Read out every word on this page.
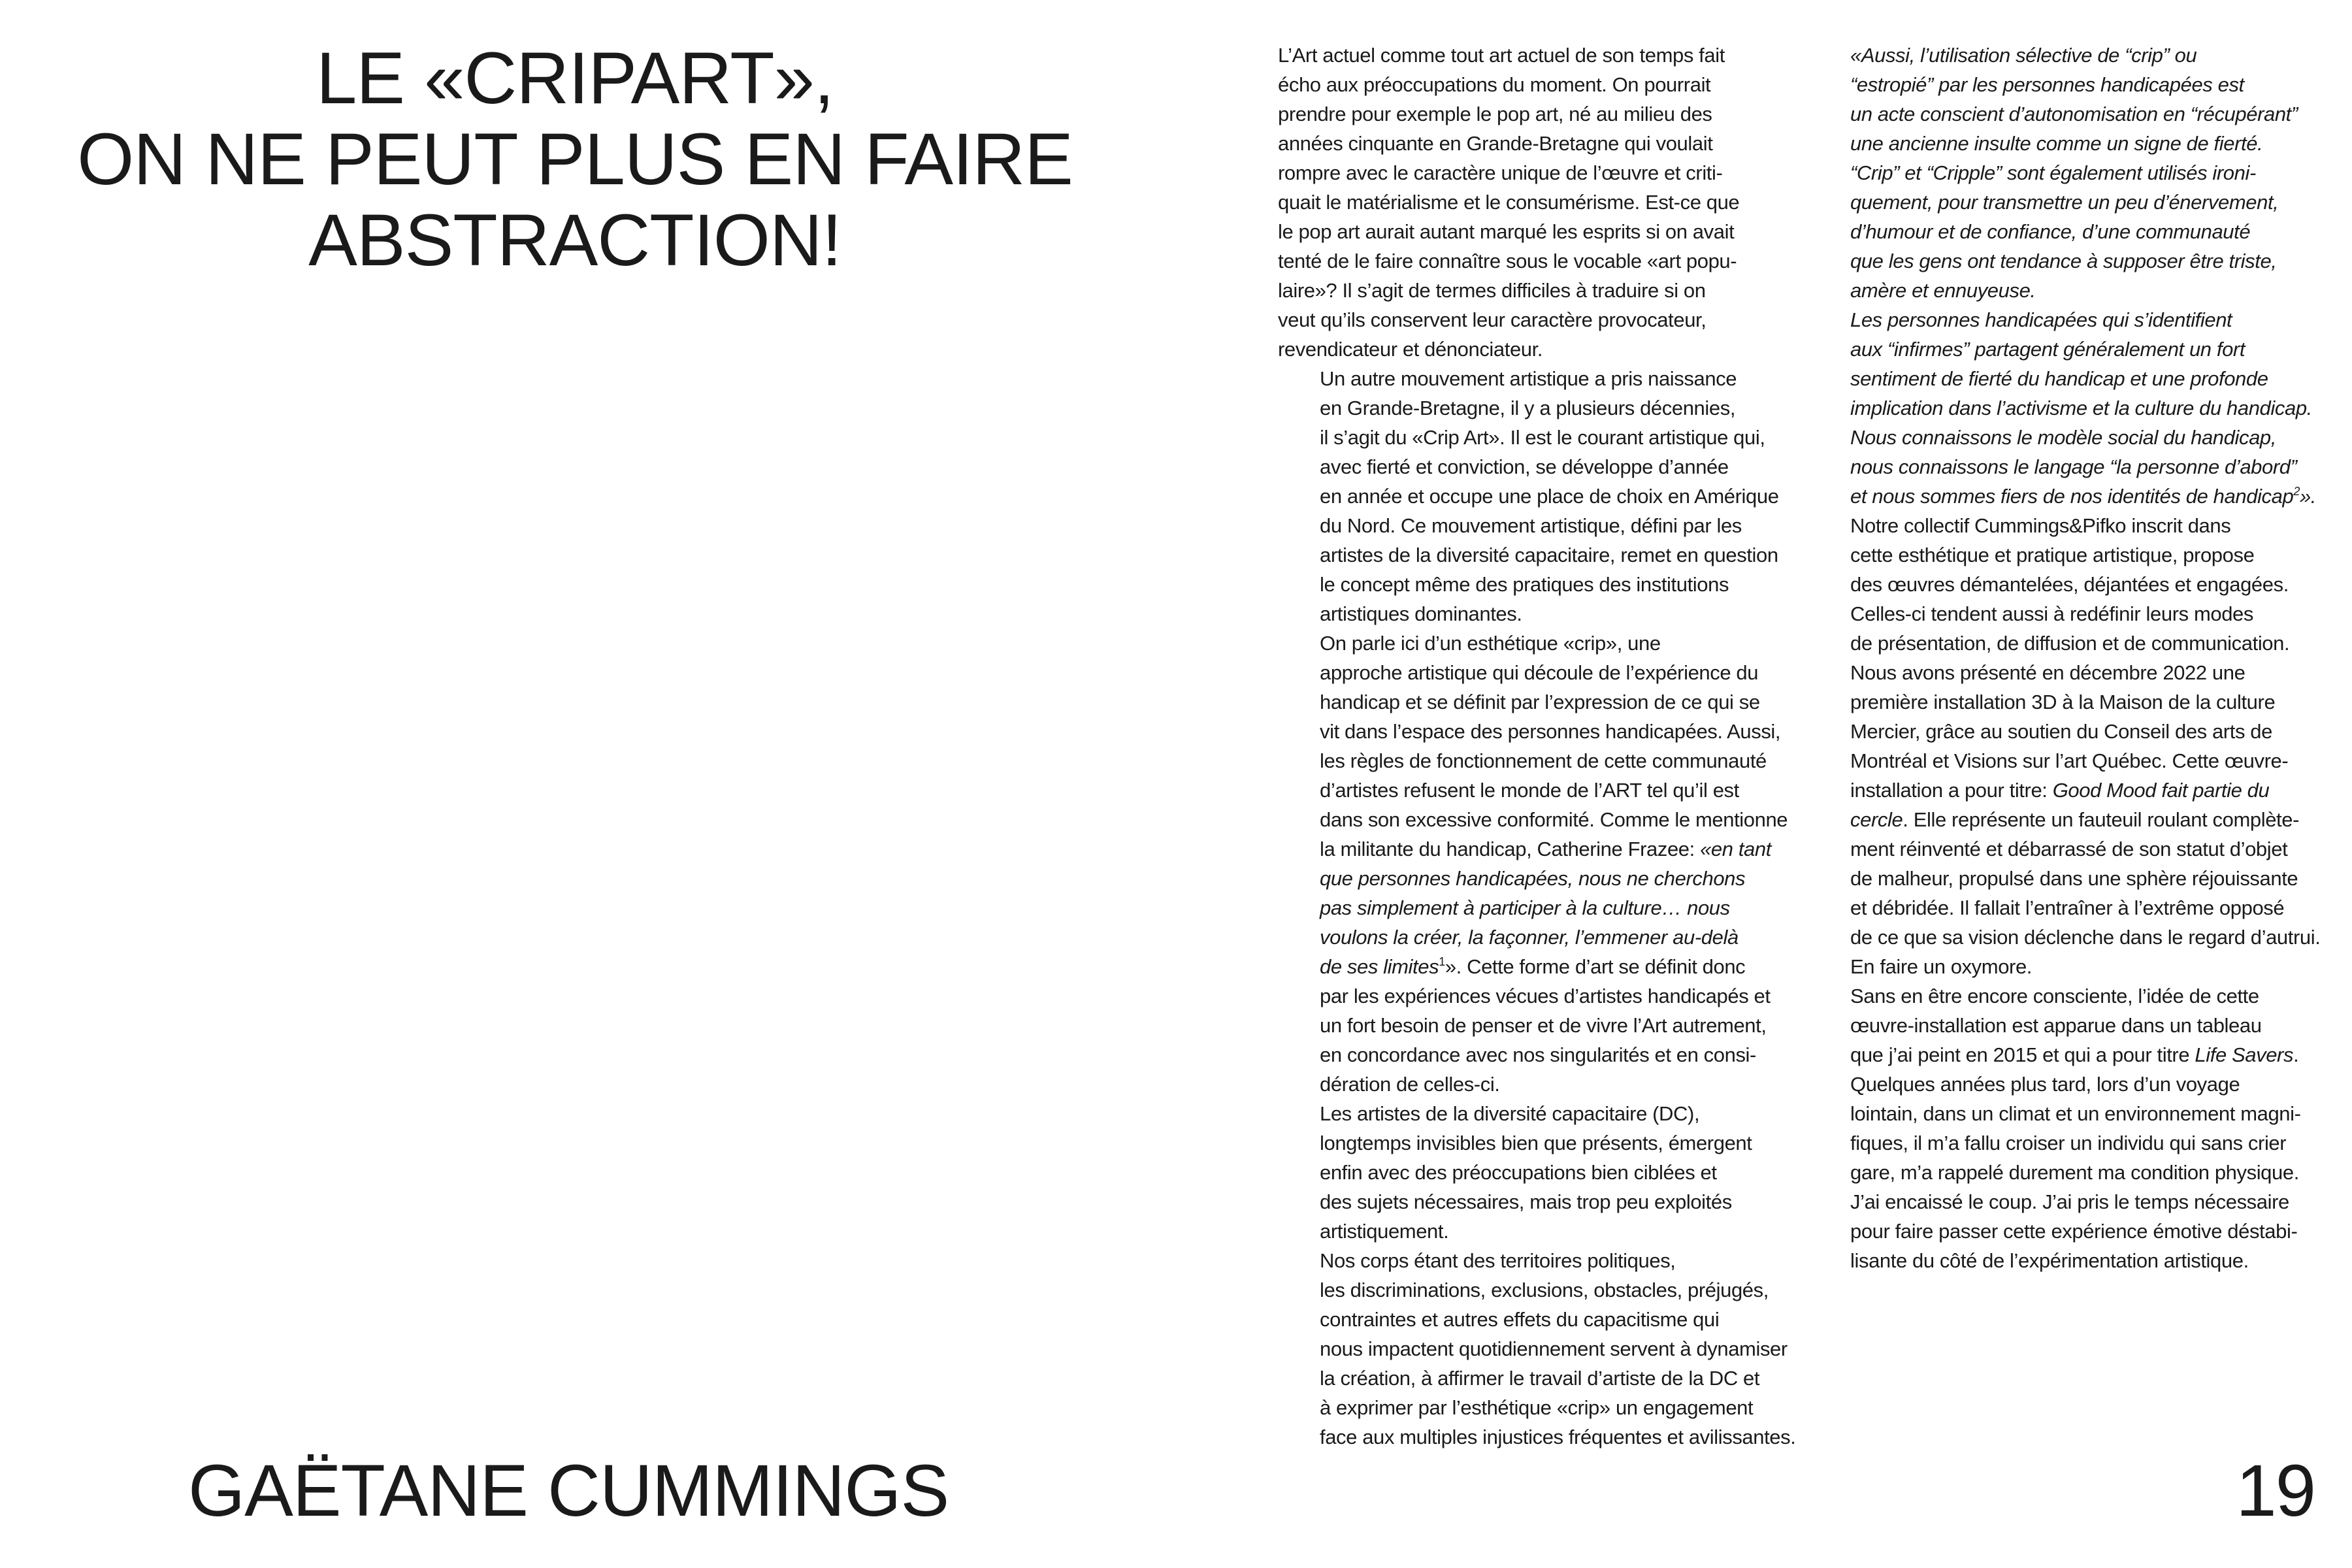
LE «CRIPART»,
ON NE PEUT PLUS EN FAIRE
ABSTRACTION!
GAËTANE CUMMINGS

L’Art actuel comme tout art actuel de son temps fait
écho aux préoccupations du moment. On pourrait
prendre pour exemple le pop art, né au milieu des
années cinquante en Grande-Bretagne qui voulait
rompre avec le caractère unique de l’œuvre et criti-
quait le matérialisme et le consumérisme. Est-ce que
le pop art aurait autant marqué les esprits si on avait
tenté de le faire connaître sous le vocable «art popu-
laire»? Il s’agit de termes difficiles à traduire si on
veut qu’ils conservent leur caractère provocateur,
revendicateur et dénonciateur.

Un autre mouvement artistique a pris naissance
en Grande-Bretagne, il y a plusieurs décennies,
il s’agit du «Crip Art». Il est le courant artistique qui,
avec fierté et conviction, se développe d’année
en année et occupe une place de choix en Amérique
du Nord. Ce mouvement artistique, défini par les
artistes de la diversité capacitaire, remet en question
le concept même des pratiques des institutions
artistiques dominantes.

On parle ici d’un esthétique «crip», une
approche artistique qui découle de l’expérience du
handicap et se définit par l’expression de ce qui se
vit dans l’espace des personnes handicapées. Aussi,
les règles de fonctionnement de cette communauté
d’artistes refusent le monde de l’ART tel qu’il est
dans son excessive conformité. Comme le mentionne
la militante du handicap, Catherine Frazee: «en tant
que personnes handicapées, nous ne cherchons
pas simplement à participer à la culture… nous
voulons la créer, la façonner, l’emmener au-delà
de ses limites$^1$». Cette forme d’art se définit donc
par les expériences vécues d’artistes handicapés et
un fort besoin de penser et de vivre l’Art autrement,
en concordance avec nos singularités et en consi-
dération de celles-ci.

Les artistes de la diversité capacitaire (DC),
longtemps invisibles bien que présents, émergent
enfin avec des préoccupations bien ciblées et
des sujets nécessaires, mais trop peu exploités
artistiquement.

Nos corps étant des territoires politiques,
les discriminations, exclusions, obstacles, préjugés,
contraintes et autres effets du capacitisme qui
nous impactent quotidiennement servent à dynamiser
la création, à affirmer le travail d’artiste de la DC et
à exprimer par l’esthétique «crip» un engagement
face aux multiples injustices fréquentes et avilissantes.

«Aussi, l’utilisation sélective de “crip” ou
“estropié” par les personnes handicapées est
un acte conscient d’autonomisation en “récupérant”
une ancienne insulte comme un signe de fierté.
“Crip” et “Cripple” sont également utilisés ironi-
quement, pour transmettre un peu d’énervement,
d’humour et de confiance, d’une communauté
que les gens ont tendance à supposer être triste,
amère et ennuyeuse.

Les personnes handicapées qui s’identifient
aux “infirmes” partagent généralement un fort
sentiment de fierté du handicap et une profonde
implication dans l’activisme et la culture du handicap.
Nous connaissons le modèle social du handicap,
nous connaissons le langage “la personne d’abord”
et nous sommes fiers de nos identités de handicap$^2$».

Notre collectif Cummings&Pifko inscrit dans
cette esthétique et pratique artistique, propose
des œuvres démantelées, déjantées et engagées.
Celles-ci tendent aussi à redéfinir leurs modes
de présentation, de diffusion et de communication.
Nous avons présenté en décembre 2022 une
première installation 3D à la Maison de la culture
Mercier, grâce au soutien du Conseil des arts de
Montréal et Visions sur l’art Québec. Cette œuvre-
installation a pour titre: Good Mood fait partie du
cercle. Elle représente un fauteuil roulant complète-
ment réinventé et débarrassé de son statut d’objet
de malheur, propulsé dans une sphère réjouissante
et débridée. Il fallait l’entraîner à l’extrême opposé
de ce que sa vision déclenche dans le regard d’autrui.
En faire un oxymore.

Sans en être encore consciente, l’idée de cette
œuvre-installation est apparue dans un tableau
que j’ai peint en 2015 et qui a pour titre Life Savers.
Quelques années plus tard, lors d’un voyage
lointain, dans un climat et un environnement magni-
fiques, il m’a fallu croiser un individu qui sans crier
gare, m’a rappelé durement ma condition physique.
J’ai encaissé le coup. J’ai pris le temps nécessaire
pour faire passer cette expérience émotive déstabi-
lisante du côté de l’expérimentation artistique.

19
